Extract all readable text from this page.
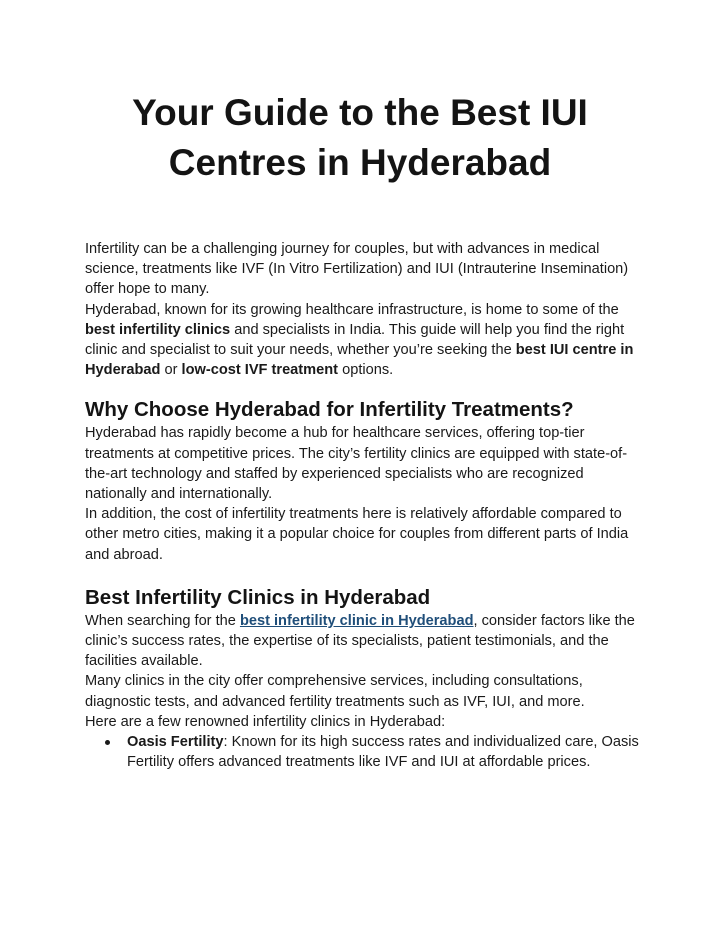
Your Guide to the Best IUI
Centres in Hyderabad

Infertility can be a challenging journey for couples, but with advances in medical science, treatments like IVF (In Vitro Fertilization) and IUI (Intrauterine Insemination) offer hope to many.

Hyderabad, known for its growing healthcare infrastructure, is home to some of the best infertility clinics and specialists in India. This guide will help you find the right clinic and specialist to suit your needs, whether you’re seeking the best IUI centre in Hyderabad or low-cost IVF treatment options.

Why Choose Hyderabad for Infertility Treatments?

Hyderabad has rapidly become a hub for healthcare services, offering top-tier treatments at competitive prices. The city’s fertility clinics are equipped with state-of-the-art technology and staffed by experienced specialists who are recognized nationally and internationally.

In addition, the cost of infertility treatments here is relatively affordable compared to other metro cities, making it a popular choice for couples from different parts of India and abroad.

Best Infertility Clinics in Hyderabad

When searching for the best infertility clinic in Hyderabad, consider factors like the clinic’s success rates, the expertise of its specialists, patient testimonials, and the facilities available.

Many clinics in the city offer comprehensive services, including consultations, diagnostic tests, and advanced fertility treatments such as IVF, IUI, and more.

Here are a few renowned infertility clinics in Hyderabad:

Oasis Fertility: Known for its high success rates and individualized care, Oasis Fertility offers advanced treatments like IVF and IUI at affordable prices.
